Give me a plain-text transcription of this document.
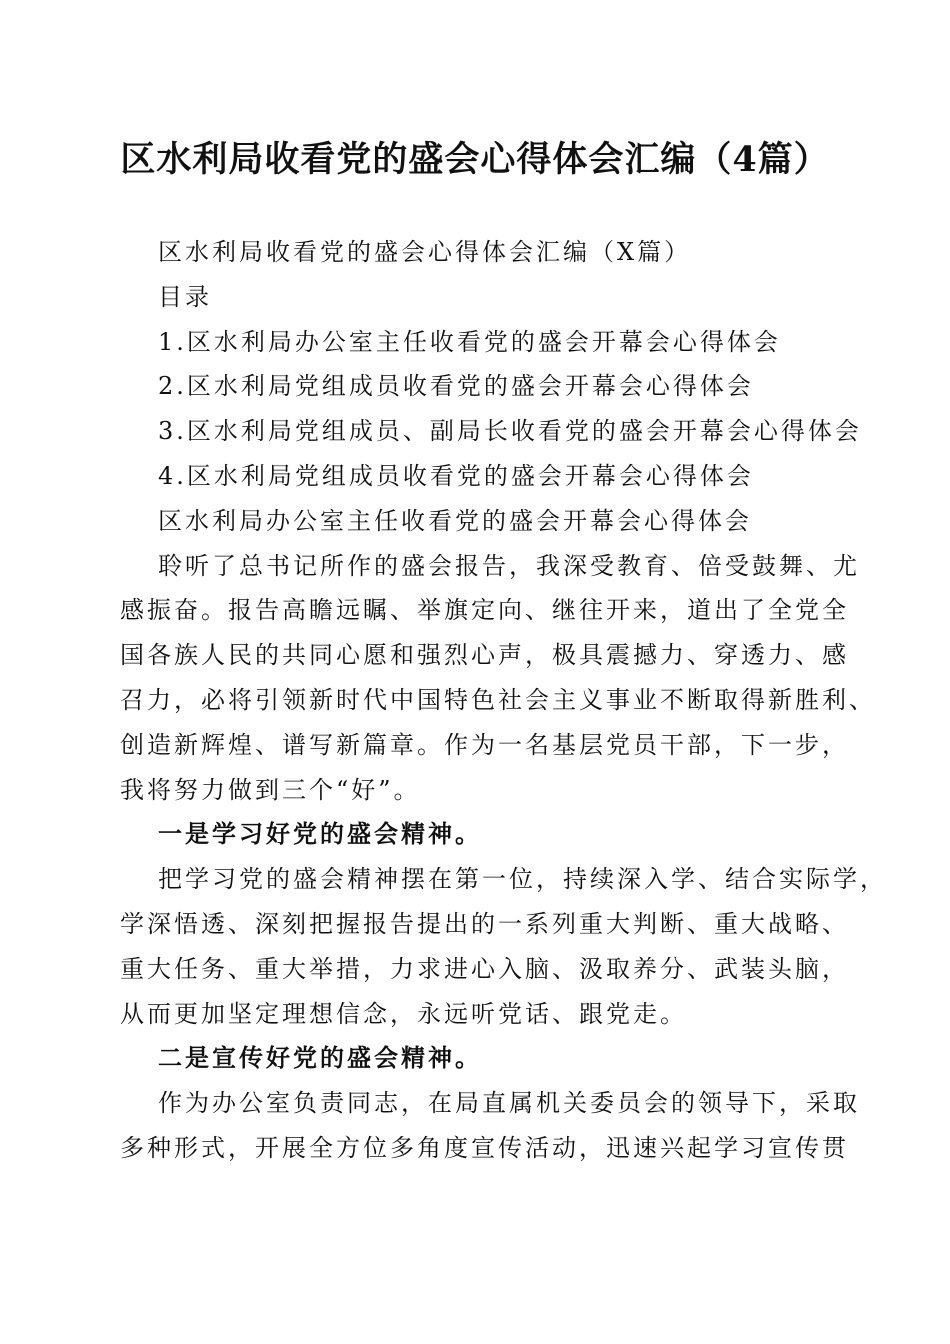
区水利局收看党的盛会心得体会汇编（4篇）
区水利局收看党的盛会心得体会汇编（X篇）
目录
1.区水利局办公室主任收看党的盛会开幕会心得体会
2.区水利局党组成员收看党的盛会开幕会心得体会
3.区水利局党组成员、副局长收看党的盛会开幕会心得体会
4.区水利局党组成员收看党的盛会开幕会心得体会
区水利局办公室主任收看党的盛会开幕会心得体会
聆听了总书记所作的盛会报告，我深受教育、倍受鼓舞、尤
感振奋。报告高瞻远瞩、举旗定向、继往开来，道出了全党全
国各族人民的共同心愿和强烈心声，极具震撼力、穿透力、感
召力，必将引领新时代中国特色社会主义事业不断取得新胜利、
创造新辉煌、谱写新篇章。作为一名基层党员干部，下一步，
我将努力做到三个“好”。
一是学习好党的盛会精神。
把学习党的盛会精神摆在第一位，持续深入学、结合实际学，
学深悟透、深刻把握报告提出的一系列重大判断、重大战略、
重大任务、重大举措，力求进心入脑、汲取养分、武装头脑，
从而更加坚定理想信念，永远听党话、跟党走。
二是宣传好党的盛会精神。
作为办公室负责同志，在局直属机关委员会的领导下，采取
多种形式，开展全方位多角度宣传活动，迅速兴起学习宣传贯
